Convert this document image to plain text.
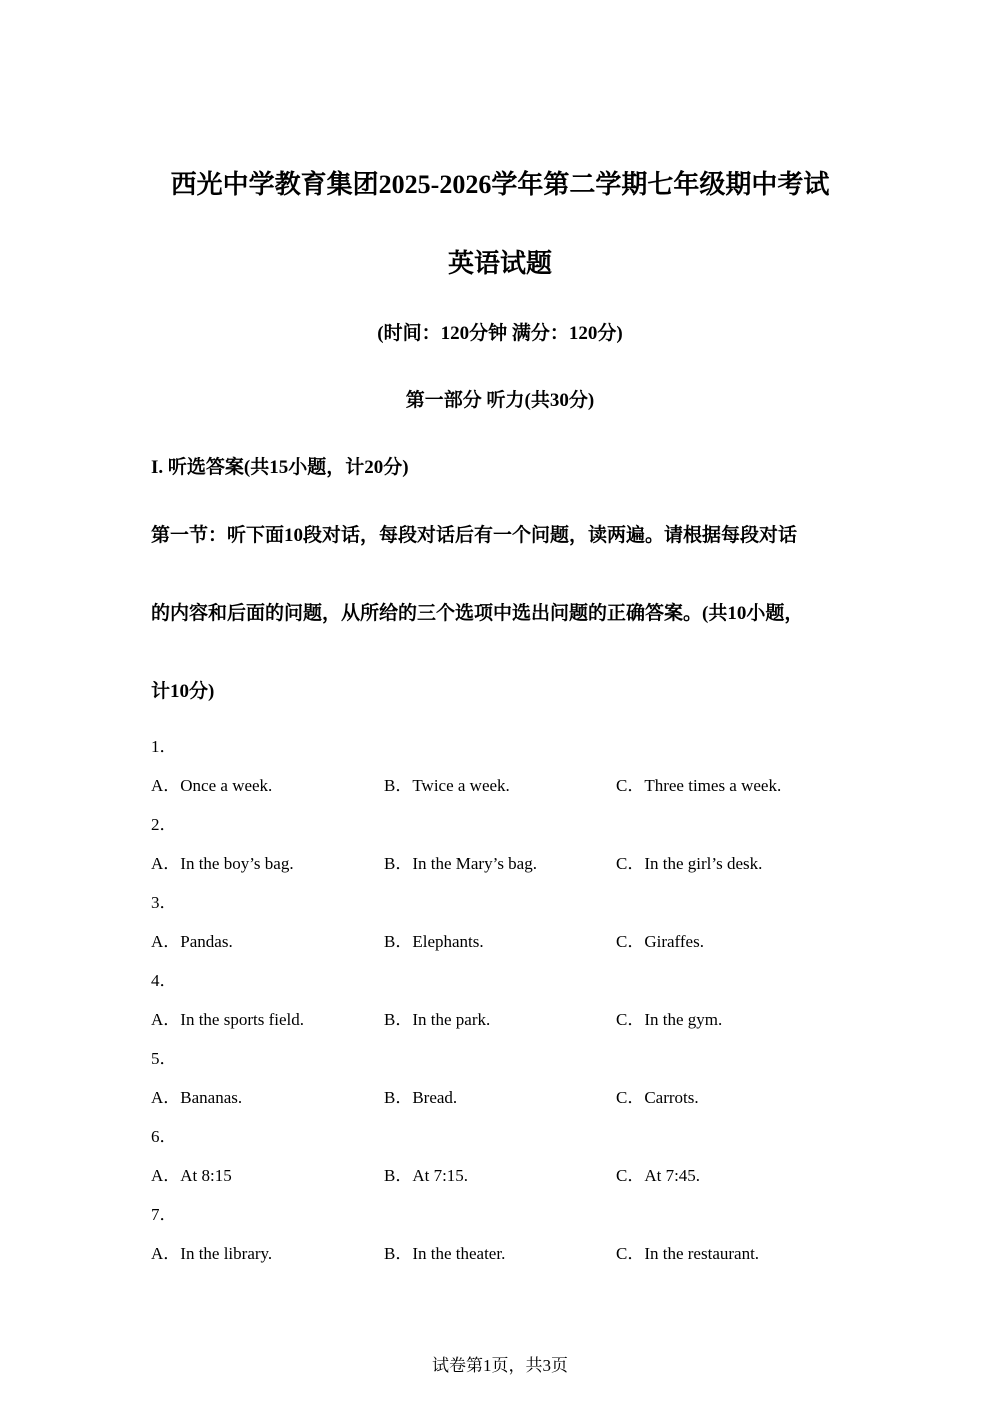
西光中学教育集团2025-2026学年第二学期七年级期中考试
英语试题
(时间：120分钟 满分：120分)
第一部分 听力(共30分)
I. 听选答案(共15小题，计20分)
第一节：听下面10段对话，每段对话后有一个问题，读两遍。请根据每段对话
的内容和后面的问题，从所给的三个选项中选出问题的正确答案。(共10小题，
计10分)
1．
A．Once a week.	B．Twice a week.	C．Three times a week.
2．
A．In the boy’s bag.	B．In the Mary’s bag.	C．In the girl’s desk.
3．
A．Pandas.	B．Elephants.	C．Giraffes.
4．
A．In the sports field.	B．In the park.	C．In the gym.
5．
A．Bananas.	B．Bread.	C．Carrots.
6．
A．At 8:15	B．At 7:15.	C．At 7:45.
7．
A．In the library.	B．In the theater.	C．In the restaurant.
试卷第1页，共3页
